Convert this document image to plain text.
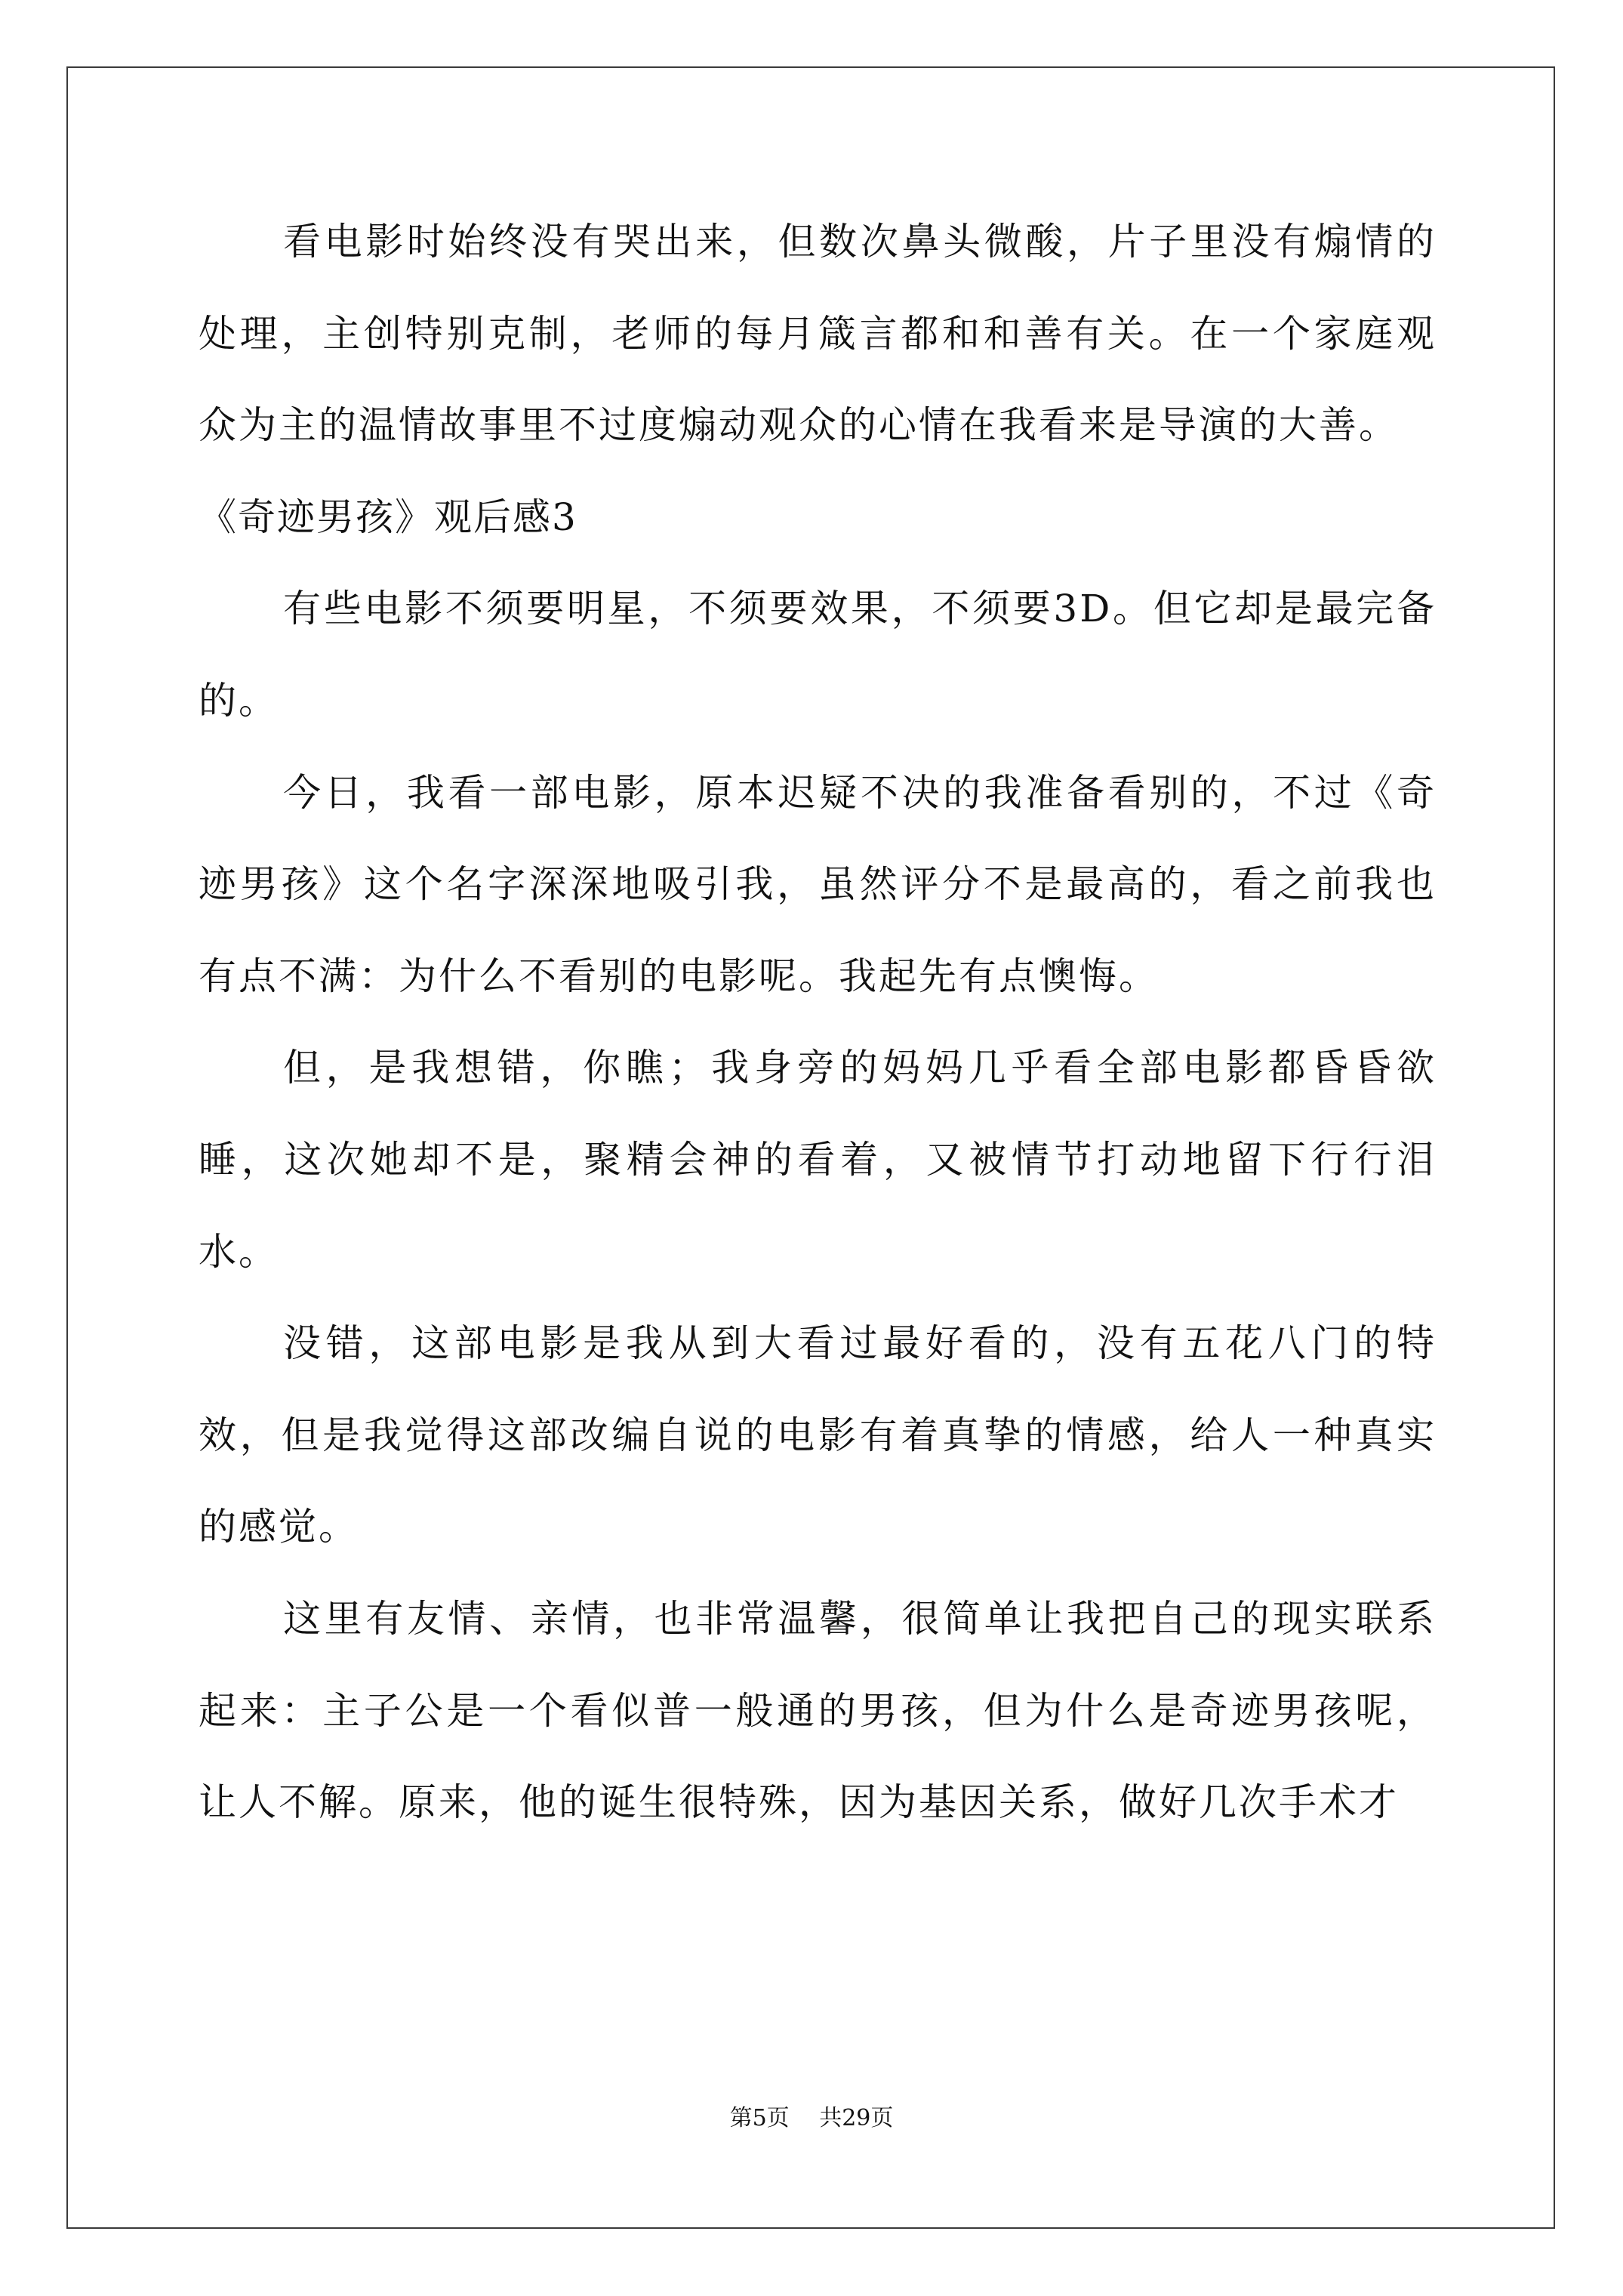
看电影时始终没有哭出来，但数次鼻头微酸，片子里没有煽情的处理，主创特别克制，老师的每月箴言都和和善有关。在一个家庭观众为主的温情故事里不过度煽动观众的心情在我看来是导演的大善。

《奇迹男孩》观后感3

有些电影不须要明星，不须要效果，不须要3D。但它却是最完备的。

今日，我看一部电影，原本迟疑不决的我准备看别的，不过《奇迹男孩》这个名字深深地吸引我，虽然评分不是最高的，看之前我也有点不满：为什么不看别的电影呢。我起先有点懊悔。

但，是我想错，你瞧；我身旁的妈妈几乎看全部电影都昏昏欲睡，这次她却不是，聚精会神的看着，又被情节打动地留下行行泪水。

没错，这部电影是我从到大看过最好看的，没有五花八门的特效，但是我觉得这部改编自说的电影有着真挚的情感，给人一种真实的感觉。

这里有友情、亲情，也非常温馨，很简单让我把自己的现实联系起来：主子公是一个看似普一般通的男孩，但为什么是奇迹男孩呢，让人不解。原来，他的诞生很特殊，因为基因关系，做好几次手术才

第5页 共29页
